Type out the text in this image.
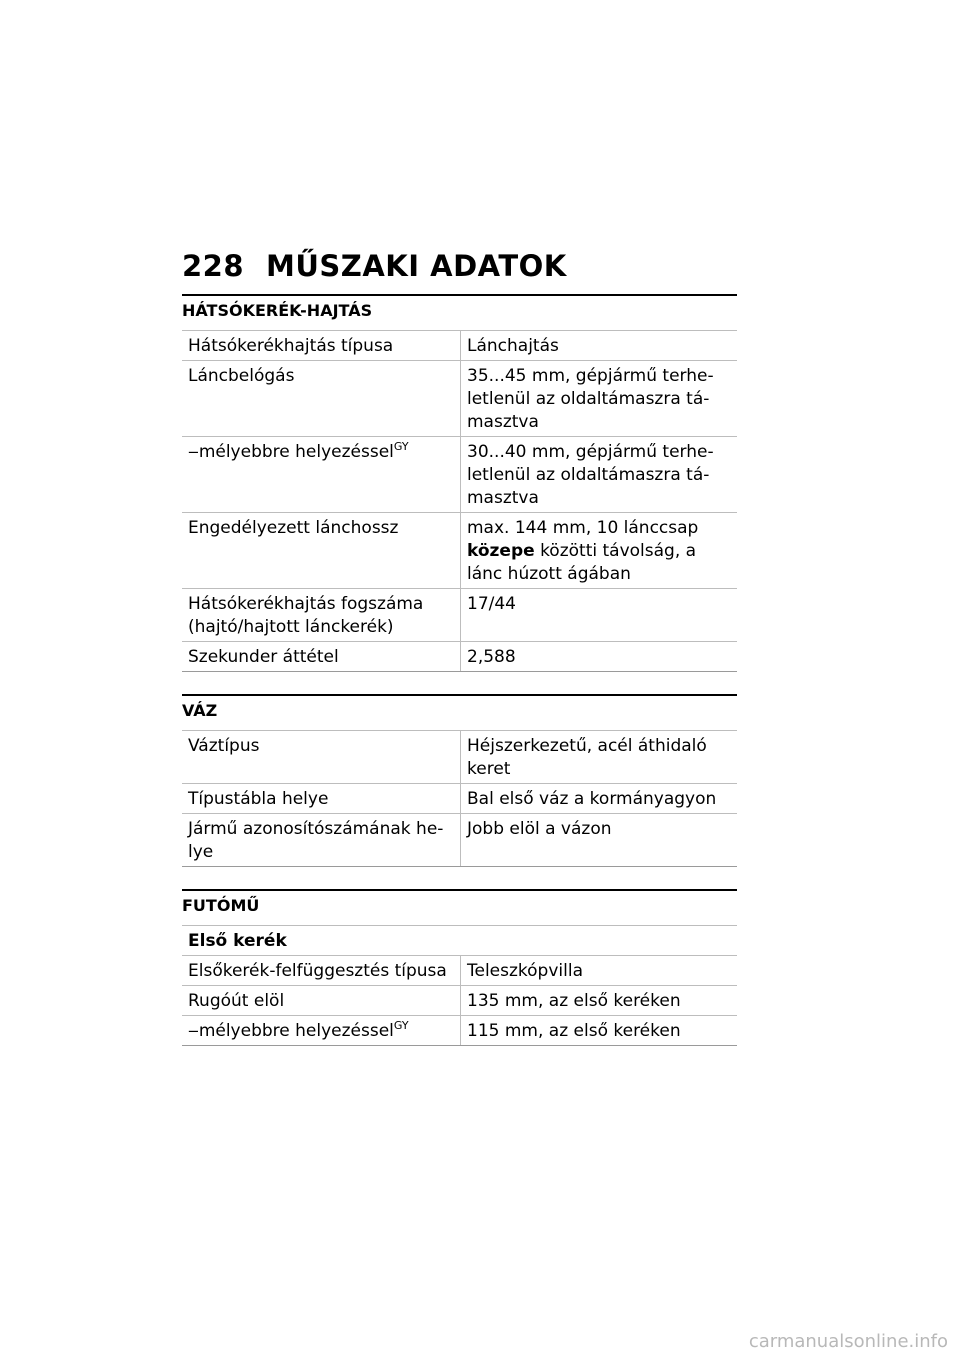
228 MŰSZAKI ADATOK
HÁTSÓKERÉK-HAJTÁS
Hátsókerékhajtás típusa	Lánchajtás
Láncbelógás	35...45 mm, gépjármű terhe-letlenül az oldaltámaszra tá-masztva
‒mélyebbre helyezéssel$^{GY}$	30...40 mm, gépjármű terhe-letlenül az oldaltámaszra tá-masztva
Engedélyezett lánchossz	max. 144 mm, 10 lánccsap közepe közötti távolság, a lánc húzott ágában
Hátsókerékhajtás fogszáma (hajtó/hajtott lánckerék)	17/44
Szekunder áttétel	2,588
VÁZ
Váztípus	Héjszerkezetű, acél áthidaló keret
Típustábla helye	Bal első váz a kormányagyon
Jármű azonosítószámának he-lye	Jobb elöl a vázon
FUTÓMŰ
Első kerék	
Elsőkerék-felfüggesztés típusa	Teleszkópvilla
Rugóút elöl	135 mm, az első keréken
‒mélyebbre helyezéssel$^{GY}$	115 mm, az első keréken
carmanualsonline.info
